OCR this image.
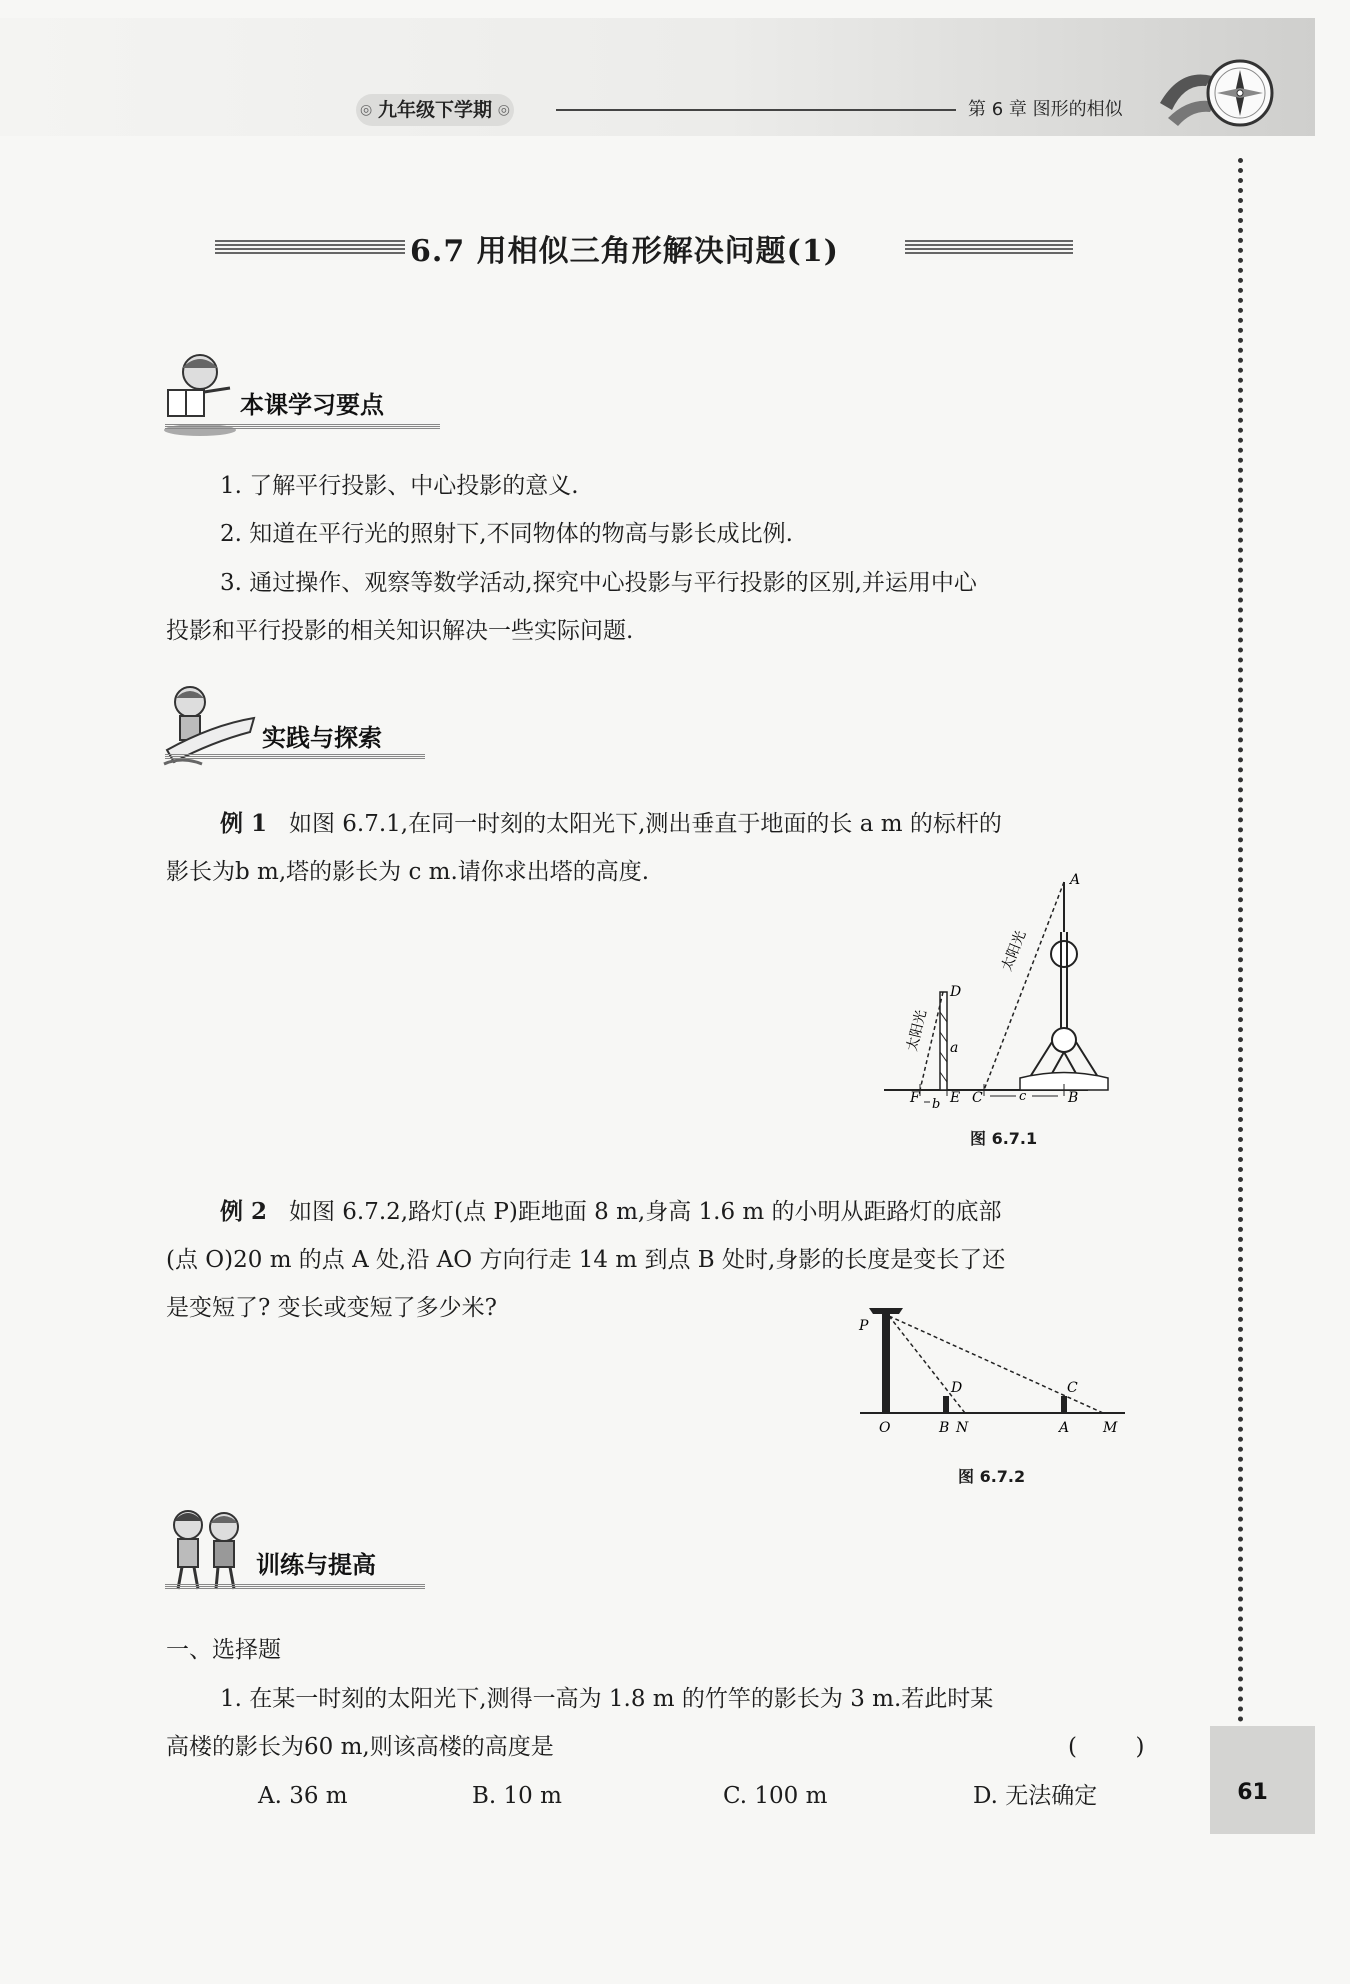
◎ 九年级下学期 ◎	第 6 章 图形的相似
61
6.7 用相似三角形解决问题(1)
本课学习要点
1. 了解平行投影、中心投影的意义.
2. 知道在平行光的照射下,不同物体的物高与影长成比例.
3. 通过操作、观察等数学活动,探究中心投影与平行投影的区别,并运用中心
投影和平行投影的相关知识解决一些实际问题.
实践与探索
例 1 如图 6.7.1,在同一时刻的太阳光下,测出垂直于地面的长 a m 的标杆的
影长为b m,塔的影长为 c m.请你求出塔的高度.	A
D
a
F b E C	c	B
太阳光
太阳光
图 6.7.1
例 2 如图 6.7.2,路灯(点 P)距地面 8 m,身高 1.6 m 的小明从距路灯的底部
(点 O)20 m 的点 A 处,沿 AO 方向行走 14 m 到点 B 处时,身影的长度是变长了还
是变短了? 变长或变短了多少米?
P
D	C
O	B N	A M
图 6.7.2
训练与提高
一、选择题
1. 在某一时刻的太阳光下,测得一高为 1.8 m 的竹竿的影长为 3 m.若此时某
高楼的影长为60 m,则该高楼的高度是	(        )
A. 36 m	B. 10 m	C. 100 m	D. 无法确定
